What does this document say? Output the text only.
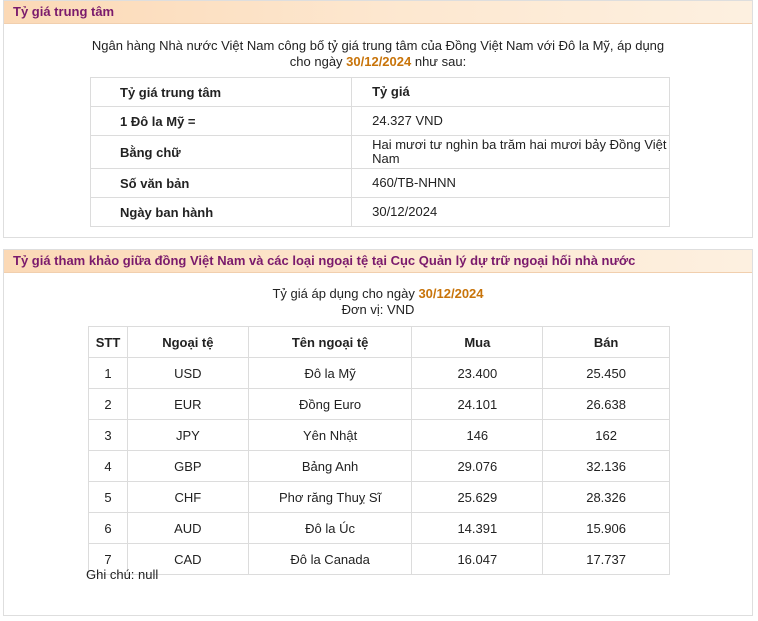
Tỷ giá trung tâm
Ngân hàng Nhà nước Việt Nam công bố tỷ giá trung tâm của Đồng Việt Nam với Đô la Mỹ, áp dụng
cho ngày 30/12/2024 như sau:
Tỷ giá trung tâm	Tỷ giá
1 Đô la Mỹ =	24.327 VND
Bằng chữ	Hai mươi tư nghìn ba trăm hai mươi bảy Đồng Việt Nam
Số văn bản	460/TB-NHNN
Ngày ban hành	30/12/2024
Tỷ giá tham khảo giữa đồng Việt Nam và các loại ngoại tệ tại Cục Quản lý dự trữ ngoại hối nhà nước
Tỷ giá áp dụng cho ngày 30/12/2024
Đơn vị: VND
STT	Ngoại tệ	Tên ngoại tệ	Mua	Bán
1	USD	Đô la Mỹ	23.400	25.450
2	EUR	Đồng Euro	24.101	26.638
3	JPY	Yên Nhật	146	162
4	GBP	Bảng Anh	29.076	32.136
5	CHF	Phơ răng Thuỵ Sĩ	25.629	28.326
6	AUD	Đô la Úc	14.391	15.906
7	CAD	Đô la Canada	16.047	17.737
Ghi chú: null
